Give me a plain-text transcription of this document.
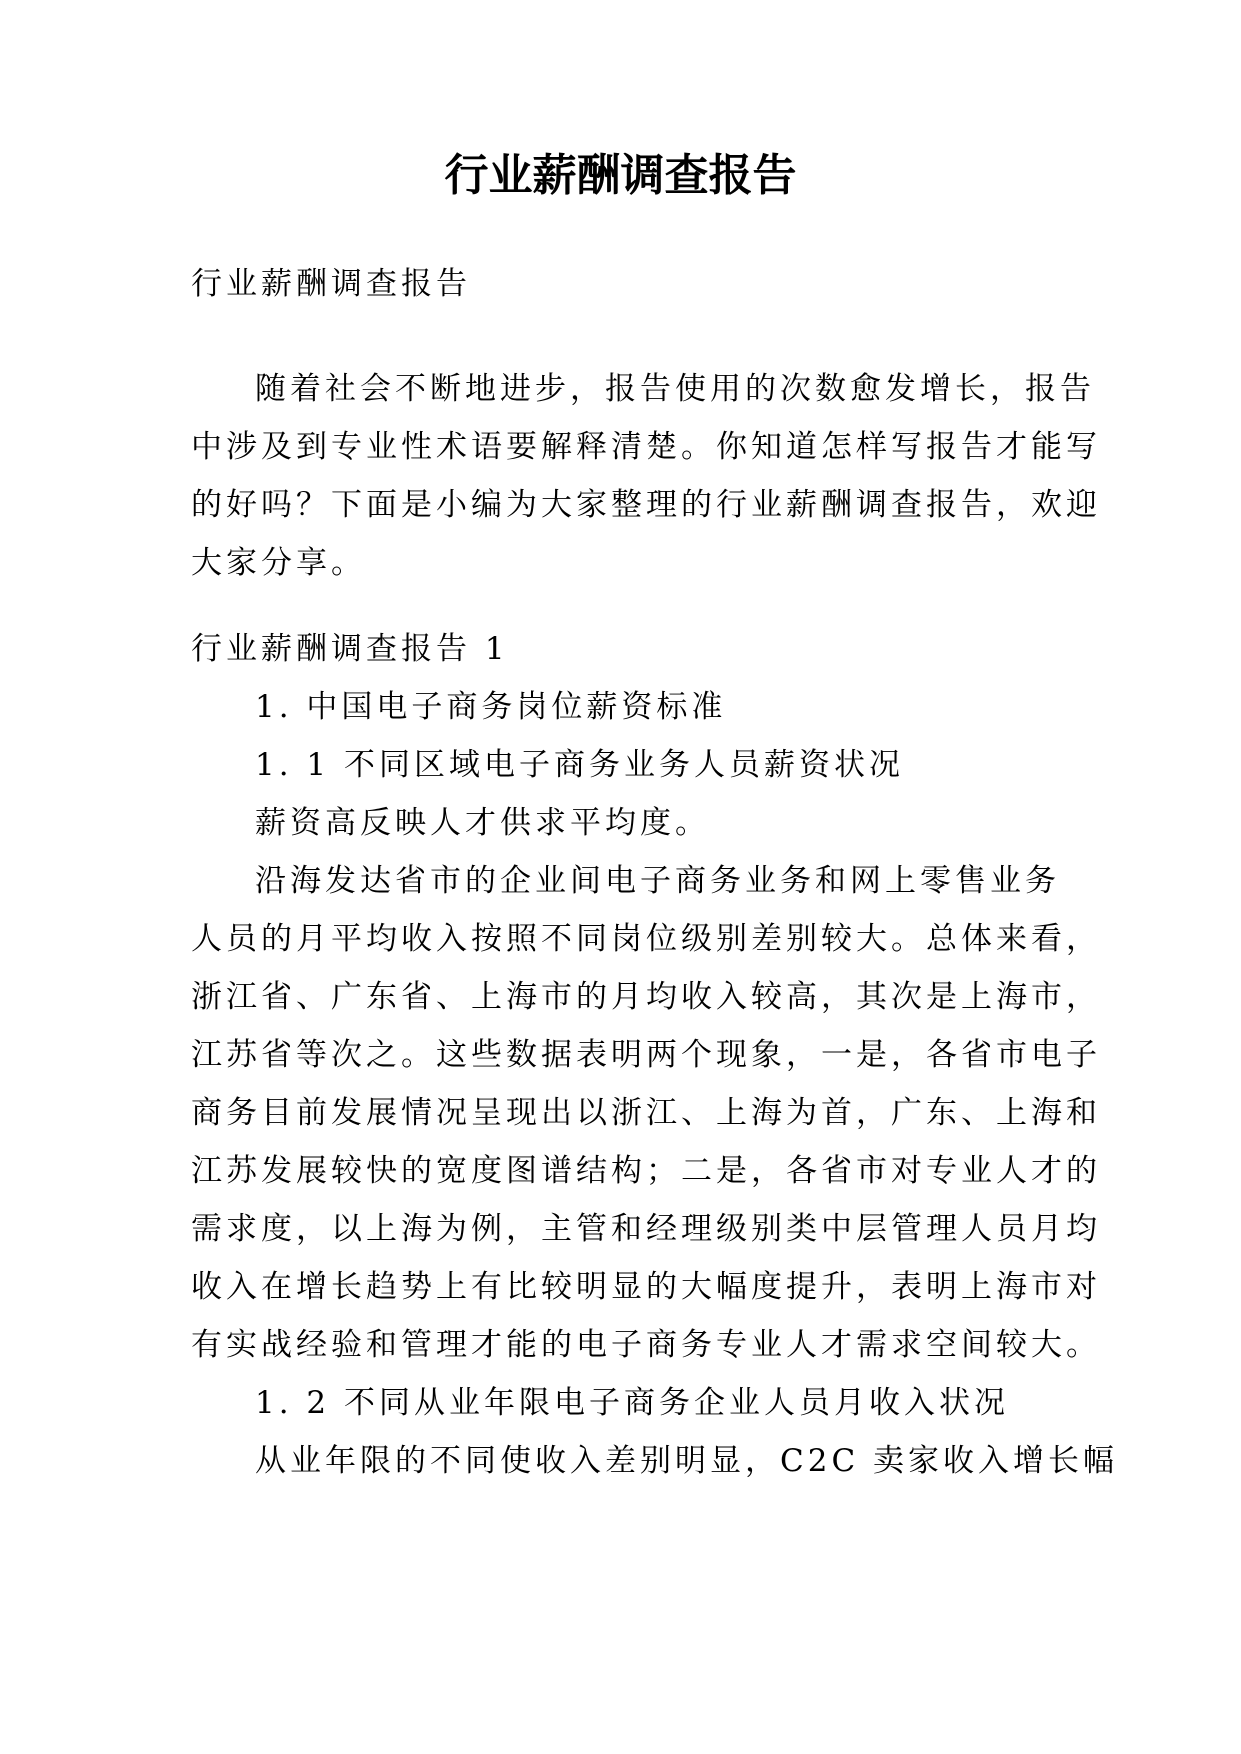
行业薪酬调查报告
行业薪酬调查报告
随着社会不断地进步，报告使用的次数愈发增长，报告
中涉及到专业性术语要解释清楚。你知道怎样写报告才能写
的好吗？下面是小编为大家整理的行业薪酬调查报告，欢迎
大家分享。
行业薪酬调查报告 1
1. 中国电子商务岗位薪资标准
1. 1 不同区域电子商务业务人员薪资状况
薪资高反映人才供求平均度。
沿海发达省市的企业间电子商务业务和网上零售业务
人员的月平均收入按照不同岗位级别差别较大。总体来看，
浙江省、广东省、上海市的月均收入较高，其次是上海市，
江苏省等次之。这些数据表明两个现象，一是，各省市电子
商务目前发展情况呈现出以浙江、上海为首，广东、上海和
江苏发展较快的宽度图谱结构；二是，各省市对专业人才的
需求度，以上海为例，主管和经理级别类中层管理人员月均
收入在增长趋势上有比较明显的大幅度提升，表明上海市对
有实战经验和管理才能的电子商务专业人才需求空间较大。
1. 2 不同从业年限电子商务企业人员月收入状况
从业年限的不同使收入差别明显，C2C 卖家收入增长幅
